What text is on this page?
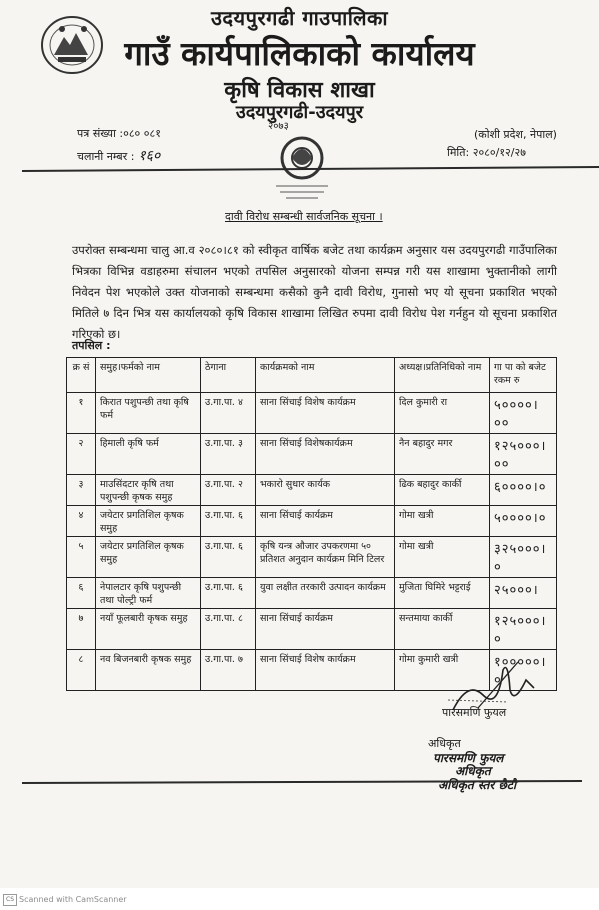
उदयपुरगढी गाउपालिका
गाउँ कार्यपालिकाको कार्यालय
कृषि विकास शाखा
उदयपुरगढी-उदयपुर
पत्र संख्या :०८० ०८१
चलानी नम्बर : १६०
२०७३
(कोशी प्रदेश, नेपाल)
मिति: २०८०/१२/२७
दावी विरोध सम्बन्धी सार्वजनिक सूचना ।
उपरोक्त सम्बन्धमा चालु आ.व २०८०।८१ को स्वीकृत वार्षिक बजेट तथा कार्यक्रम अनुसार यस उदयपुरगढी गाउँपालिका भित्रका विभिन्न वडाहरुमा संचालन भएको तपसिल अनुसारको योजना सम्पन्न गरी यस शाखामा भुक्तानीको लागी निवेदन पेश भएकोले उक्त योजनाको सम्बन्धमा कसैको कुनै दावी विरोध, गुनासो भए यो सूचना प्रकाशित भएको मितिले ७ दिन भित्र यस कार्यालयको कृषि विकास शाखामा लिखित रुपमा दावी विरोध पेश गर्नहुन यो सूचना प्रकाशित गरिएको छ।
तपसिल :
क्र सं	समुह।फर्मको नाम	ठेगाना	कार्यक्रमको नाम	अध्यक्ष।प्रतिनिधिको नाम	गा पा को बजेट रकम रु
१	किरात पशुपन्छी तथा कृषि फर्म	उ.गा.पा. ४	साना सिंचाई विशेष कार्यक्रम	दिल कुमारी रा	५००००।००
२	हिमाली कृषि फर्म	उ.गा.पा. ३	साना सिंचाई विशेषकार्यक्रम	नैन बहादुर मगर	१२५०००।००
३	माउसिंदटार कृषि तथा पशुपन्छी कृषक समुह	उ.गा.पा. २	भकारो सुधार कार्यक	ढिक बहादुर कार्की	६००००।०
४	जयेटार प्रगतिशिल कृषक समुह	उ.गा.पा. ६	साना सिंचाई कार्यक्रम	गोमा खत्री	५००००।०
५	जयेटार प्रगतिशिल कृषक समुह	उ.गा.पा. ६	कृषि यन्त्र औजार उपकरणमा ५० प्रतिशत अनुदान कार्यक्रम मिनि टिलर	गोमा खत्री	३२५०००।०
६	नेपालटार कृषि पशुपन्छी तथा पोल्ट्री फर्म	उ.गा.पा. ६	युवा लक्षीत तरकारी उत्पादन कार्यक्रम	मुजिता घिमिरे भट्टराई	२५०००।
७	नयाँ फूलबारी कृषक समुह	उ.गा.पा. ८	साना सिंचाई कार्यक्रम	सन्तमाया कार्की	१२५०००।०
८	नव बिजनबारी कृषक समुह	उ.गा.पा. ७	साना सिंचाई विशेष कार्यक्रम	गोमा कुमारी खत्री	१०००००।०
पारसमणि फुयल
अधिकृत
पारसमणि फुयल
अधिकृत
अधिकृत स्तर छैटौ
CS Scanned with CamScanner
